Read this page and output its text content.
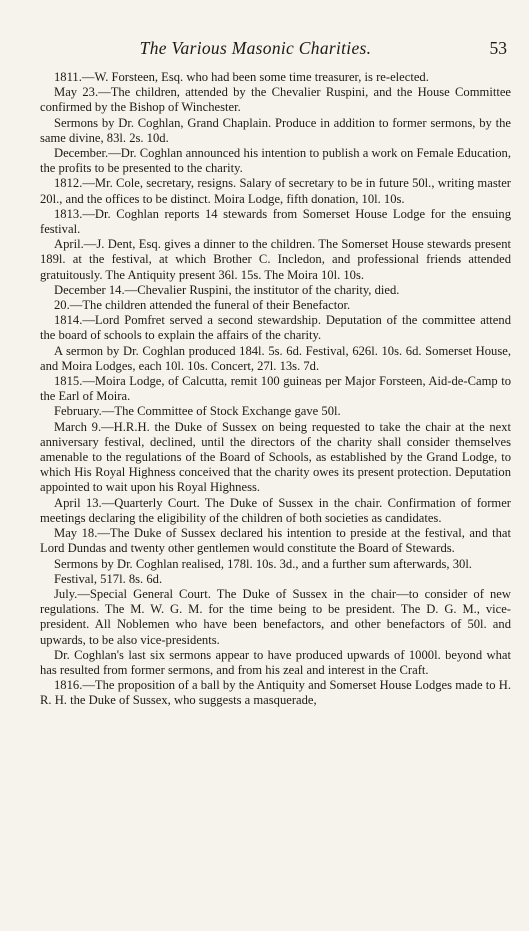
The Various Masonic Charities.	53

1811.—W. Forsteen, Esq. who had been some time treasurer, is re-elected.

May 23.—The children, attended by the Chevalier Ruspini, and the House Committee confirmed by the Bishop of Winchester.

Sermons by Dr. Coghlan, Grand Chaplain. Produce in addition to former sermons, by the same divine, 83l. 2s. 10d.

December.—Dr. Coghlan announced his intention to publish a work on Female Education, the profits to be presented to the charity.

1812.—Mr. Cole, secretary, resigns. Salary of secretary to be in future 50l., writing master 20l., and the offices to be distinct. Moira Lodge, fifth donation, 10l. 10s.

1813.—Dr. Coghlan reports 14 stewards from Somerset House Lodge for the ensuing festival.

April.—J. Dent, Esq. gives a dinner to the children. The Somerset House stewards present 189l. at the festival, at which Brother C. Incledon, and professional friends attended gratuitously. The Antiquity present 36l. 15s. The Moira 10l. 10s.

December 14.—Chevalier Ruspini, the institutor of the charity, died.

20.—The children attended the funeral of their Benefactor.

1814.—Lord Pomfret served a second stewardship. Deputation of the committee attend the board of schools to explain the affairs of the charity.

A sermon by Dr. Coghlan produced 184l. 5s. 6d. Festival, 626l. 10s. 6d. Somerset House, and Moira Lodges, each 10l. 10s. Concert, 27l. 13s. 7d.

1815.—Moira Lodge, of Calcutta, remit 100 guineas per Major Forsteen, Aid-de-Camp to the Earl of Moira.

February.—The Committee of Stock Exchange gave 50l.

March 9.—H.R.H. the Duke of Sussex on being requested to take the chair at the next anniversary festival, declined, until the directors of the charity shall consider themselves amenable to the regulations of the Board of Schools, as established by the Grand Lodge, to which His Royal Highness conceived that the charity owes its present protection. Deputation appointed to wait upon his Royal Highness.

April 13.—Quarterly Court. The Duke of Sussex in the chair. Confirmation of former meetings declaring the eligibility of the children of both societies as candidates.

May 18.—The Duke of Sussex declared his intention to preside at the festival, and that Lord Dundas and twenty other gentlemen would constitute the Board of Stewards.

Sermons by Dr. Coghlan realised, 178l. 10s. 3d., and a further sum afterwards, 30l.

Festival, 517l. 8s. 6d.

July.—Special General Court. The Duke of Sussex in the chair—to consider of new regulations. The M. W. G. M. for the time being to be president. The D. G. M., vice-president. All Noblemen who have been benefactors, and other benefactors of 50l. and upwards, to be also vice-presidents.

Dr. Coghlan's last six sermons appear to have produced upwards of 1000l. beyond what has resulted from former sermons, and from his zeal and interest in the Craft.

1816.—The proposition of a ball by the Antiquity and Somerset House Lodges made to H. R. H. the Duke of Sussex, who suggests a masquerade,
